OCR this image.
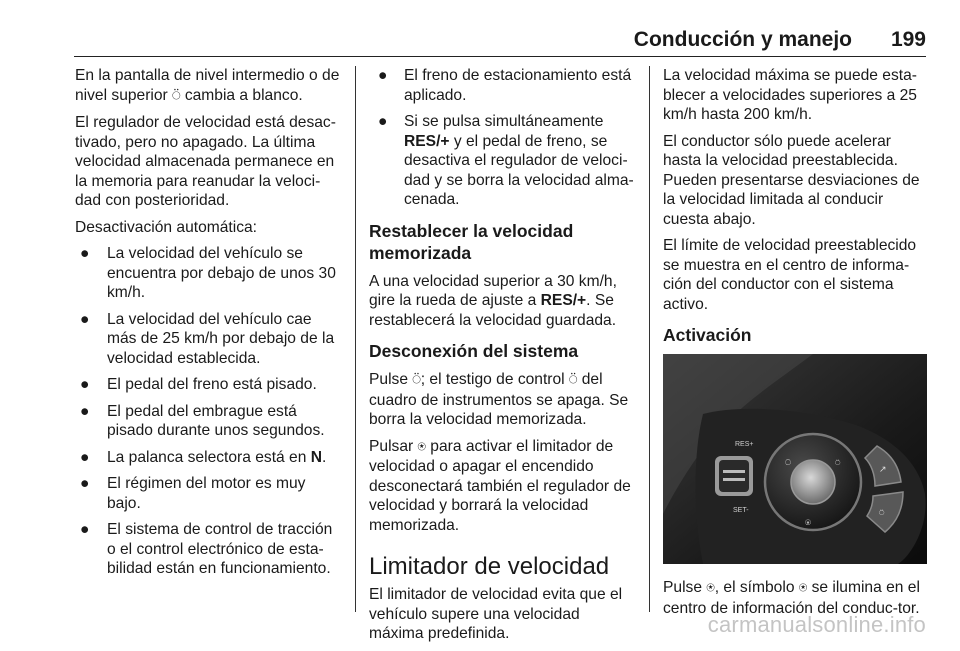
Conducción y manejo 199

En la pantalla de nivel intermedio o de nivel superior ⍥ cambia a blanco.

El regulador de velocidad está desac-tivado, pero no apagado. La última velocidad almacenada permanece en la memoria para reanudar la veloci-dad con posterioridad.

Desactivación automática:

● La velocidad del vehículo se encuentra por debajo de unos 30 km/h.
● La velocidad del vehículo cae más de 25 km/h por debajo de la velocidad establecida.
● El pedal del freno está pisado.
● El pedal del embrague está pisado durante unos segundos.
● La palanca selectora está en N.
● El régimen del motor es muy bajo.
● El sistema de control de tracción o el control electrónico de esta-bilidad están en funcionamiento.
● El freno de estacionamiento está aplicado.
● Si se pulsa simultáneamente RES/+ y el pedal de freno, se desactiva el regulador de veloci-dad y se borra la velocidad alma-cenada.
Restablecer la velocidad memorizada

A una velocidad superior a 30 km/h, gire la rueda de ajuste a RES/+. Se restablecerá la velocidad guardada.

Desconexión del sistema

Pulse ⍥; el testigo de control ⍥ del cuadro de instrumentos se apaga. Se borra la velocidad memorizada.

Pulsar ⍟ para activar el limitador de velocidad o apagar el encendido desconectará también el regulador de velocidad y borrará la velocidad memorizada.

Limitador de velocidad

El limitador de velocidad evita que el vehículo supere una velocidad máxima predefinida.

La velocidad máxima se puede esta-blecer a velocidades superiores a 25 km/h hasta 200 km/h.

El conductor sólo puede acelerar hasta la velocidad preestablecida. Pueden presentarse desviaciones de la velocidad limitada al conducir cuesta abajo.

El límite de velocidad preestablecido se muestra en el centro de informa-ción del conductor con el sistema activo.

Activación
RES+
SET-
⍥
⍟
⍥
↗
⍥

Pulse ⍟, el símbolo ⍟ se ilumina en el centro de información del conduc-tor.

carmanualsonline.info
